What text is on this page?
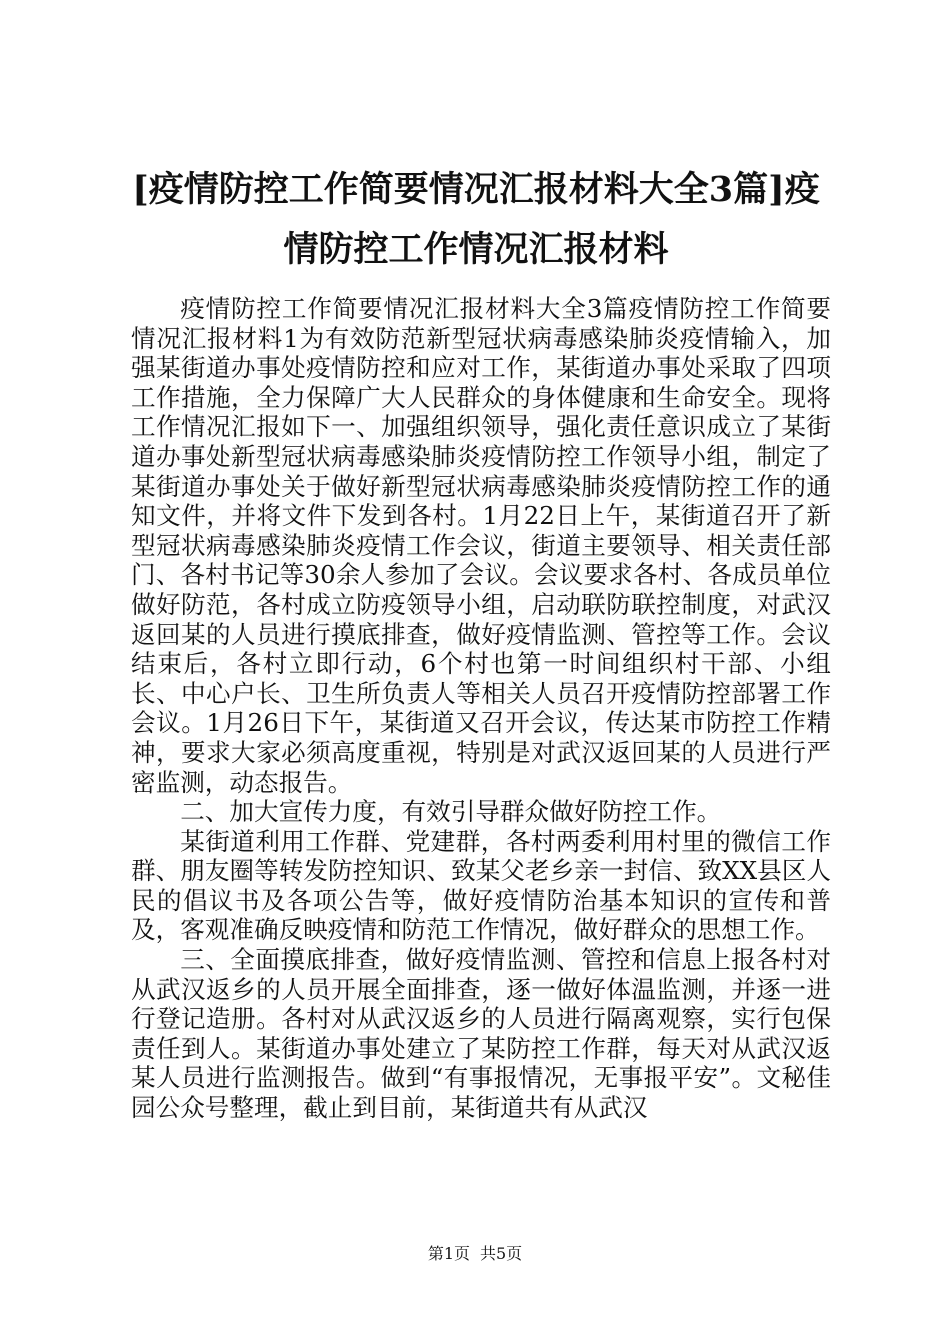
[疫情防控工作简要情况汇报材料大全3篇]疫情防控工作情况汇报材料

疫情防控工作简要情况汇报材料大全3篇疫情防控工作简要情况汇报材料1为有效防范新型冠状病毒感染肺炎疫情输入，加强某街道办事处疫情防控和应对工作，某街道办事处采取了四项工作措施，全力保障广大人民群众的身体健康和生命安全。现将工作情况汇报如下一、加强组织领导，强化责任意识成立了某街道办事处新型冠状病毒感染肺炎疫情防控工作领导小组，制定了某街道办事处关于做好新型冠状病毒感染肺炎疫情防控工作的通知文件，并将文件下发到各村。1月22日上午，某街道召开了新型冠状病毒感染肺炎疫情工作会议，街道主要领导、相关责任部门、各村书记等30余人参加了会议。会议要求各村、各成员单位做好防范，各村成立防疫领导小组，启动联防联控制度，对武汉返回某的人员进行摸底排查，做好疫情监测、管控等工作。会议结束后，各村立即行动，6个村也第一时间组织村干部、小组长、中心户长、卫生所负责人等相关人员召开疫情防控部署工作会议。1月26日下午，某街道又召开会议，传达某市防控工作精神，要求大家必须高度重视，特别是对武汉返回某的人员进行严密监测，动态报告。

二、加大宣传力度，有效引导群众做好防控工作。

某街道利用工作群、党建群，各村两委利用村里的微信工作群、朋友圈等转发防控知识、致某父老乡亲一封信、致XX县区人民的倡议书及各项公告等，做好疫情防治基本知识的宣传和普及，客观准确反映疫情和防范工作情况，做好群众的思想工作。

三、全面摸底排查，做好疫情监测、管控和信息上报各村对从武汉返乡的人员开展全面排查，逐一做好体温监测，并逐一进行登记造册。各村对从武汉返乡的人员进行隔离观察，实行包保责任到人。某街道办事处建立了某防控工作群，每天对从武汉返某人员进行监测报告。做到“有事报情况，无事报平安”。文秘佳园公众号整理，截止到目前，某街道共有从武汉

第1页 共5页
